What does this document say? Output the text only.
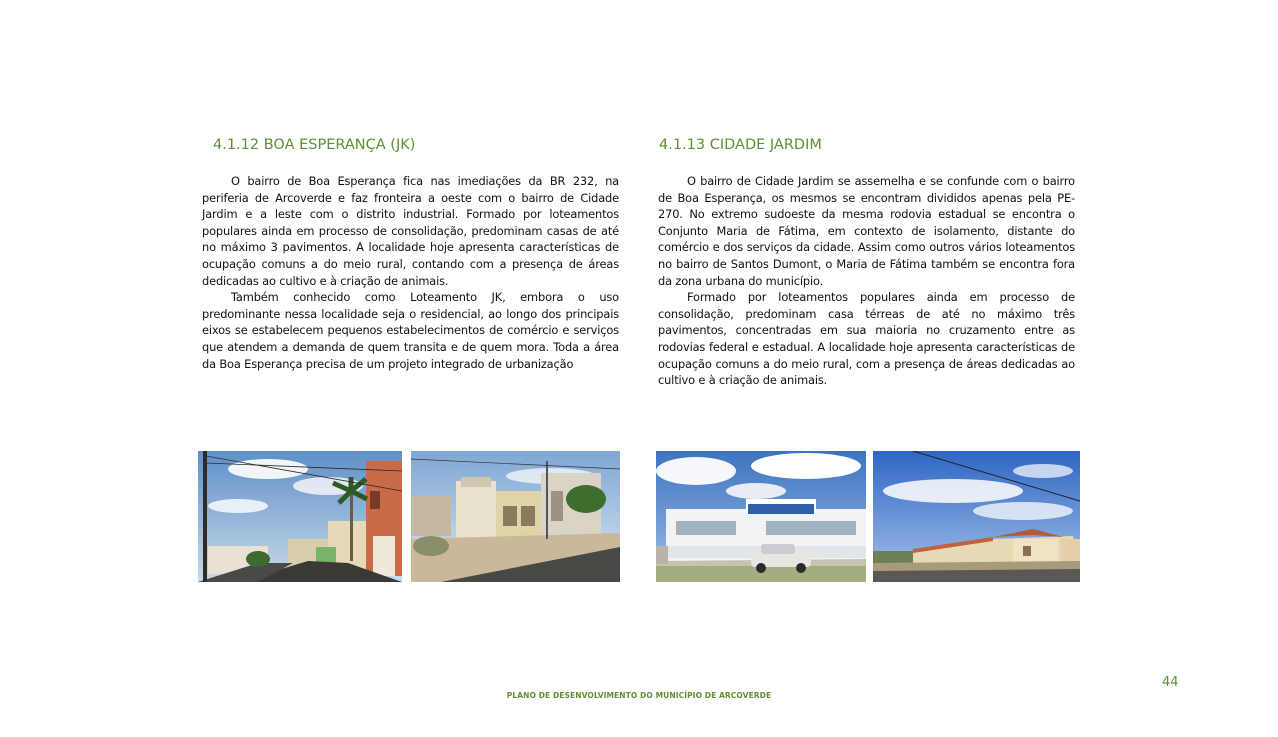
4.1.12 BOA ESPERANÇA (JK)

O bairro de Boa Esperança fica nas imediações da BR 232, na periferia de Arcoverde e faz fronteira a oeste com o bairro de Cidade Jardim e a leste com o distrito industrial. Formado por loteamentos populares ainda em processo de consolidação, predominam casas de até no máximo 3 pavimentos. A localidade hoje apresenta características de ocupação comuns a do meio rural, contando com a presença de áreas dedicadas ao cultivo e à criação de animais.

Também conhecido como Loteamento JK, embora o uso predominante nessa localidade seja o residencial, ao longo dos principais eixos se estabelecem pequenos estabelecimentos de comércio e serviços que atendem a demanda de quem transita e de quem mora. Toda a área da Boa Esperança precisa de um projeto integrado de urbanização

4.1.13 CIDADE JARDIM

O bairro de Cidade Jardim se assemelha e se confunde com o bairro de Boa Esperança, os mesmos se encontram divididos apenas pela PE-270. No extremo sudoeste da mesma rodovia estadual se encontra o Conjunto Maria de Fátima, em contexto de isolamento, distante do comércio e dos serviços da cidade. Assim como outros vários loteamentos no bairro de Santos Dumont, o Maria de Fátima também se encontra fora da zona urbana do município.

Formado por loteamentos populares ainda em processo de consolidação, predominam casa térreas de até no máximo três pavimentos, concentradas em sua maioria no cruzamento entre as rodovias federal e estadual. A localidade hoje apresenta características de ocupação comuns a do meio rural, com a presença de áreas dedicadas ao cultivo e à criação de animais.

44
PLANO DE DESENVOLVIMENTO DO MUNICÍPIO DE ARCOVERDE
